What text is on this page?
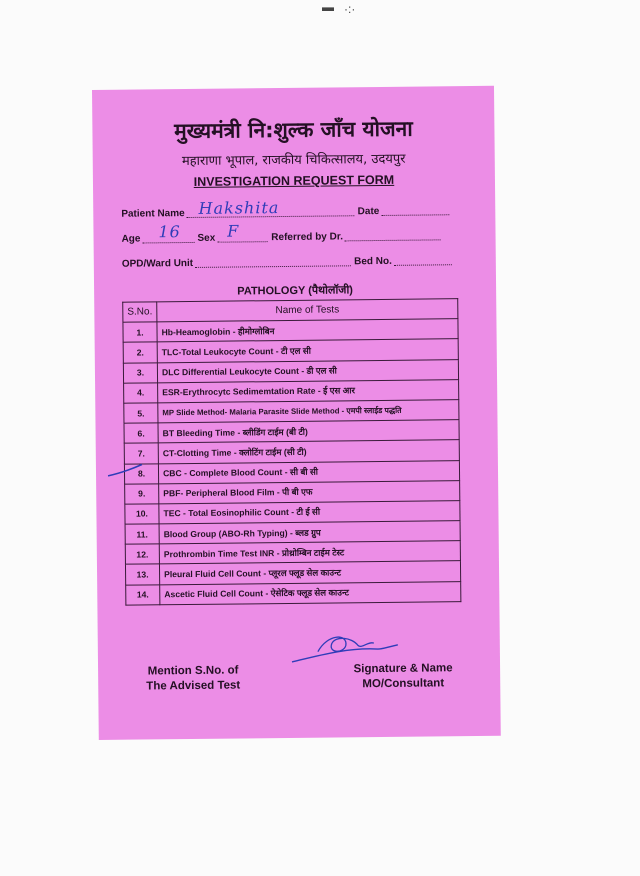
▬ ·:·
मुख्यमंत्री नि:शुल्क जाँच योजना
महाराणा भूपाल, राजकीय चिकित्सालय, उदयपुर
INVESTIGATION REQUEST FORM
Patient Name Hakshita	Date
Age 16 Sex F	Referred by Dr.
OPD/Ward Unit	Bed No.
PATHOLOGY (पैथोलॉजी)
S.No.	Name of Tests
1.	Hb-Heamoglobin - हीमोग्लोबिन
2.	TLC-Total Leukocyte Count - टी एल सी
3.	DLC Differential Leukocyte Count - डी एल सी
4.	ESR-Erythrocytc Sedimemtation Rate - ई एस आर
5.	MP Slide Method- Malaria Parasite Slide Method - एमपी स्लाईड पद्धति
6.	BT Bleeding Time - ब्लीडिंग टाईम (बी टी)
7.	CT-Clotting Time - क्लोटिंग टाईम (सी टी)
8.	CBC - Complete Blood Count - सी बी सी
9.	PBF- Peripheral Blood Film - पी बी एफ
10.	TEC - Total Eosinophilic Count - टी ई सी
11.	Blood Group (ABO-Rh Typing) - ब्लड ग्रुप
12.	Prothrombin Time Test INR - प्रोथ्रोम्बिन टाईम टेस्ट
13.	Pleural Fluid Cell Count - प्लूरल फ्लूड सेल काउन्ट
14.	Ascetic Fluid Cell Count - ऐसेटिक फ्लूड सेल काउन्ट
Mention S.No. of
The Advised Test
Signature & Name
MO/Consultant
